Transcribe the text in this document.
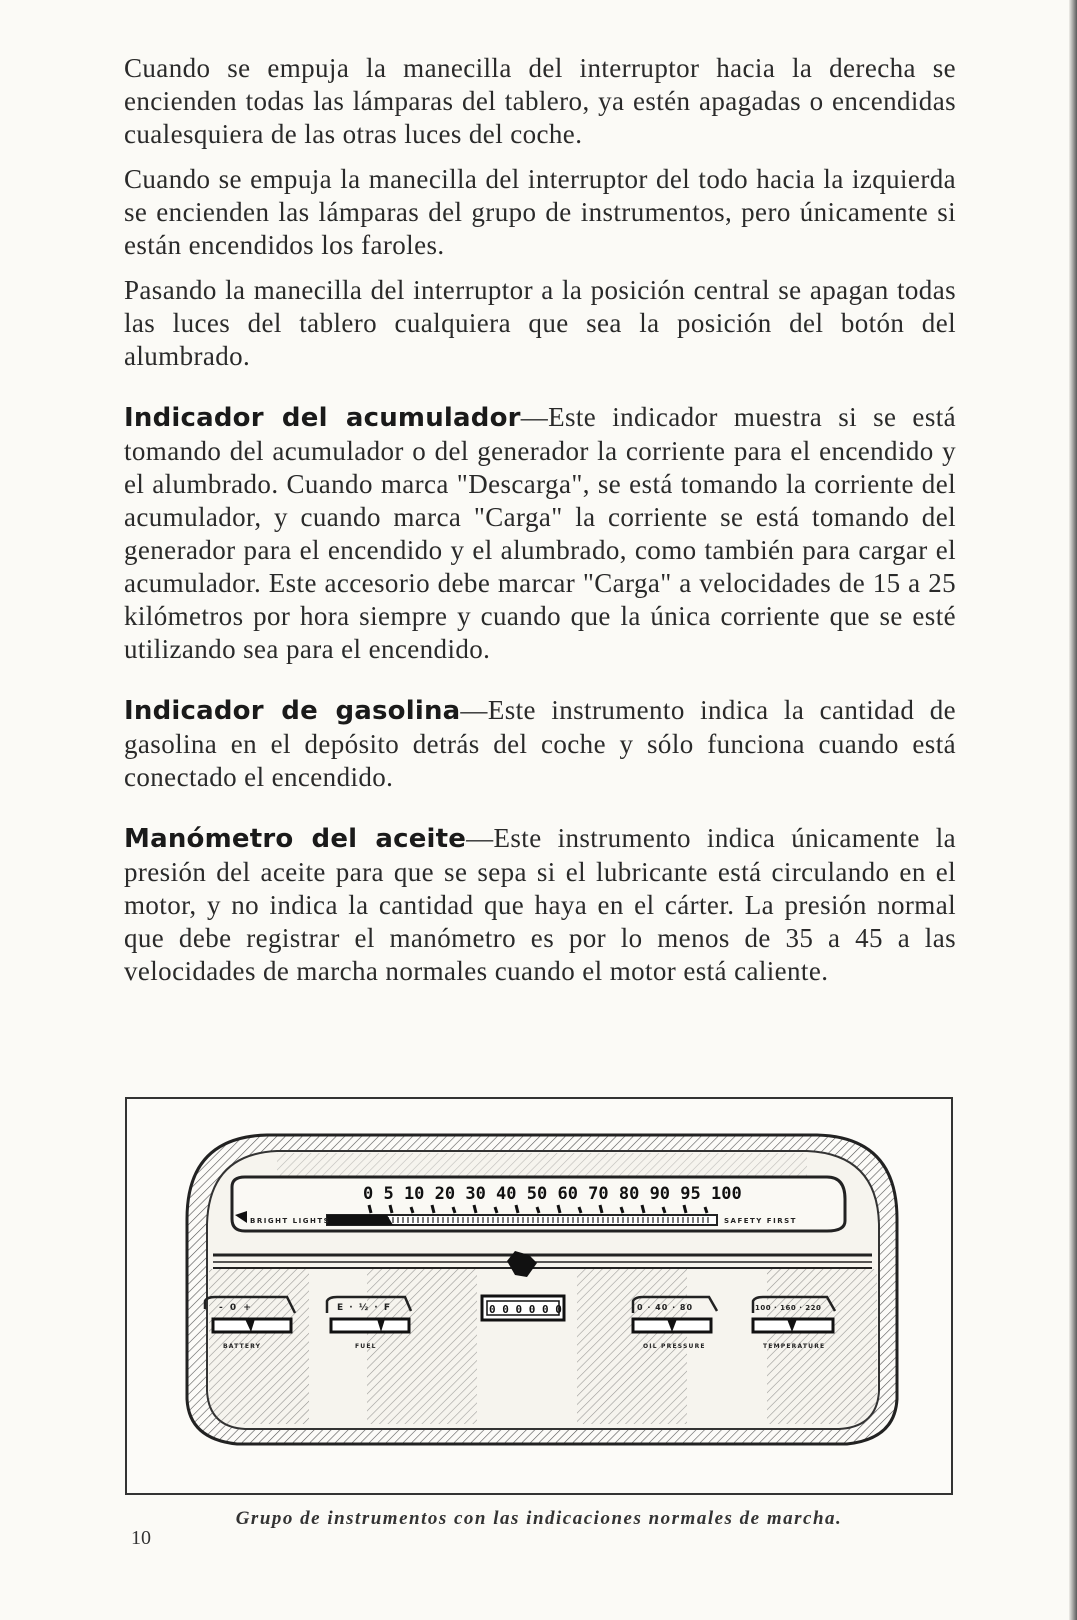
Cuando se empuja la manecilla del interruptor hacia la derecha se encienden todas las lámparas del tablero, ya estén apagadas o encendidas cualesquiera de las otras luces del coche.

Cuando se empuja la manecilla del interruptor del todo hacia la izquierda se encienden las lámparas del grupo de instrumentos, pero únicamente si están encendidos los faroles.

Pasando la manecilla del interruptor a la posición central se apagan todas las luces del tablero cualquiera que sea la posición del botón del alumbrado.

Indicador del acumulador—Este indicador muestra si se está tomando del acumulador o del generador la corriente para el encendido y el alumbrado. Cuando marca "Descarga", se está tomando la corriente del acumulador, y cuando marca "Carga" la corriente se está tomando del generador para el encendido y el alumbrado, como también para cargar el acumulador. Este accesorio debe marcar "Carga" a velocidades de 15 a 25 kilómetros por hora siempre y cuando que la única corriente que se esté utilizando sea para el encendido.

Indicador de gasolina—Este instrumento indica la cantidad de gasolina en el depósito detrás del coche y sólo funciona cuando está conectado el encendido.

Manómetro del aceite—Este instrumento indica únicamente la presión del aceite para que se sepa si el lubricante está circulando en el motor, y no indica la cantidad que haya en el cárter. La presión normal que debe registrar el manómetro es por lo menos de 35 a 45 a las velocidades de marcha normales cuando el motor está caliente.

0 5 10 20 30 40 50 60 70 80 90 95 100
BRIGHT LIGHTS	SAFETY FIRST
- 0 +
BATTERY
E · ½ · F
FUEL
0 0 0 0 0 0	0 · 40 · 80
OIL PRESSURE
100 · 160 · 220
TEMPERATURE
Grupo de instrumentos con las indicaciones normales de marcha.
10
